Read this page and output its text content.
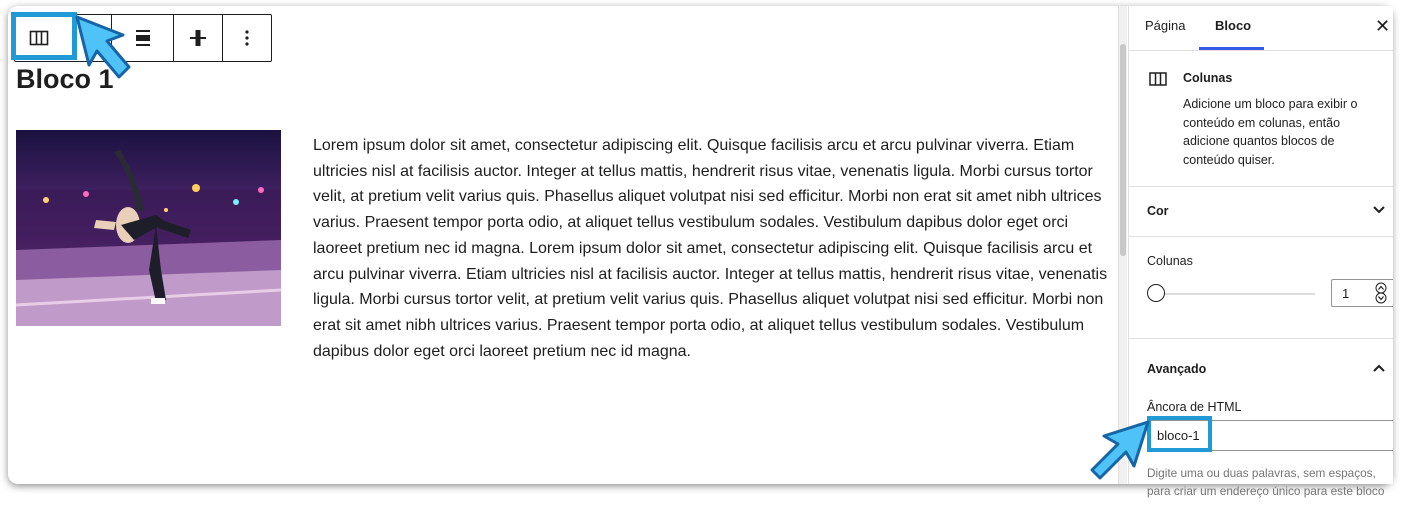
Bloco 1

Lorem ipsum dolor sit amet, consectetur adipiscing elit. Quisque facilisis arcu et arcu pulvinar viverra. Etiam ultricies nisl at facilisis auctor. Integer at tellus mattis, hendrerit risus vitae, venenatis ligula. Morbi cursus tortor velit, at pretium velit varius quis. Phasellus aliquet volutpat nisi sed efficitur. Morbi non erat sit amet nibh ultrices varius. Praesent tempor porta odio, at aliquet tellus vestibulum sodales. Vestibulum dapibus dolor eget orci laoreet pretium nec id magna. Lorem ipsum dolor sit amet, consectetur adipiscing elit. Quisque facilisis arcu et arcu pulvinar viverra. Etiam ultricies nisl at facilisis auctor. Integer at tellus mattis, hendrerit risus vitae, venenatis ligula. Morbi cursus tortor velit, at pretium velit varius quis. Phasellus aliquet volutpat nisi sed efficitur. Morbi non erat sit amet nibh ultrices varius. Praesent tempor porta odio, at aliquet tellus vestibulum sodales. Vestibulum dapibus dolor eget orci laoreet pretium nec id magna.

Página Bloco	✕
Colunas
Adicione um bloco para exibir o conteúdo em colunas, então adicione quantos blocos de conteúdo quiser.
Cor
Colunas
1
Avançado
Âncora de HTML
bloco-1
Digite uma ou duas palavras, sem espaços, para criar um endereço único para este bloco
